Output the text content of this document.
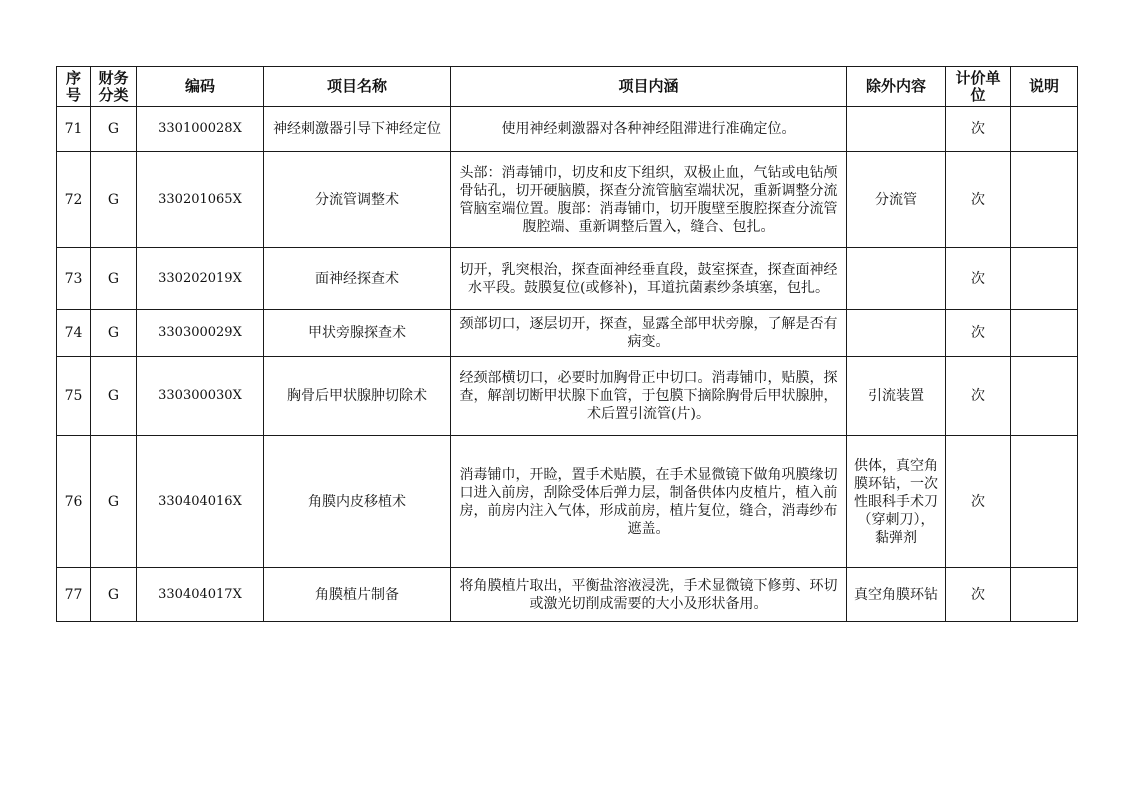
序号	财务分类	编码	项目名称	项目内涵	除外内容	计价单位	说明
71	G	330100028X	神经刺激器引导下神经定位	使用神经刺激器对各种神经阻滞进行准确定位。		次	
72	G	330201065X	分流管调整术	头部：消毒铺巾，切皮和皮下组织，双极止血，气钻或电钻颅骨钻孔，切开硬脑膜，探查分流管脑室端状况，重新调整分流管脑室端位置。腹部：消毒铺巾，切开腹壁至腹腔探查分流管腹腔端、重新调整后置入，缝合、包扎。	分流管	次	
73	G	330202019X	面神经探查术	切开，乳突根治，探查面神经垂直段，鼓室探查，探查面神经水平段。鼓膜复位(或修补)，耳道抗菌素纱条填塞，包扎。		次	
74	G	330300029X	甲状旁腺探查术	颈部切口，逐层切开，探查，显露全部甲状旁腺，了解是否有病变。		次	
75	G	330300030X	胸骨后甲状腺肿切除术	经颈部横切口，必要时加胸骨正中切口。消毒铺巾，贴膜，探查，解剖切断甲状腺下血管，于包膜下摘除胸骨后甲状腺肿，术后置引流管(片)。	引流装置	次	
76	G	330404016X	角膜内皮移植术	消毒铺巾，开睑，置手术贴膜，在手术显微镜下做角巩膜缘切口进入前房，刮除受体后弹力层，制备供体内皮植片，植入前房，前房内注入气体，形成前房，植片复位，缝合，消毒纱布遮盖。	供体，真空角膜环钻，一次性眼科手术刀（穿刺刀），黏弹剂	次	
77	G	330404017X	角膜植片制备	将角膜植片取出，平衡盐溶液浸洗，手术显微镜下修剪、环切或激光切削成需要的大小及形状备用。	真空角膜环钻	次	
